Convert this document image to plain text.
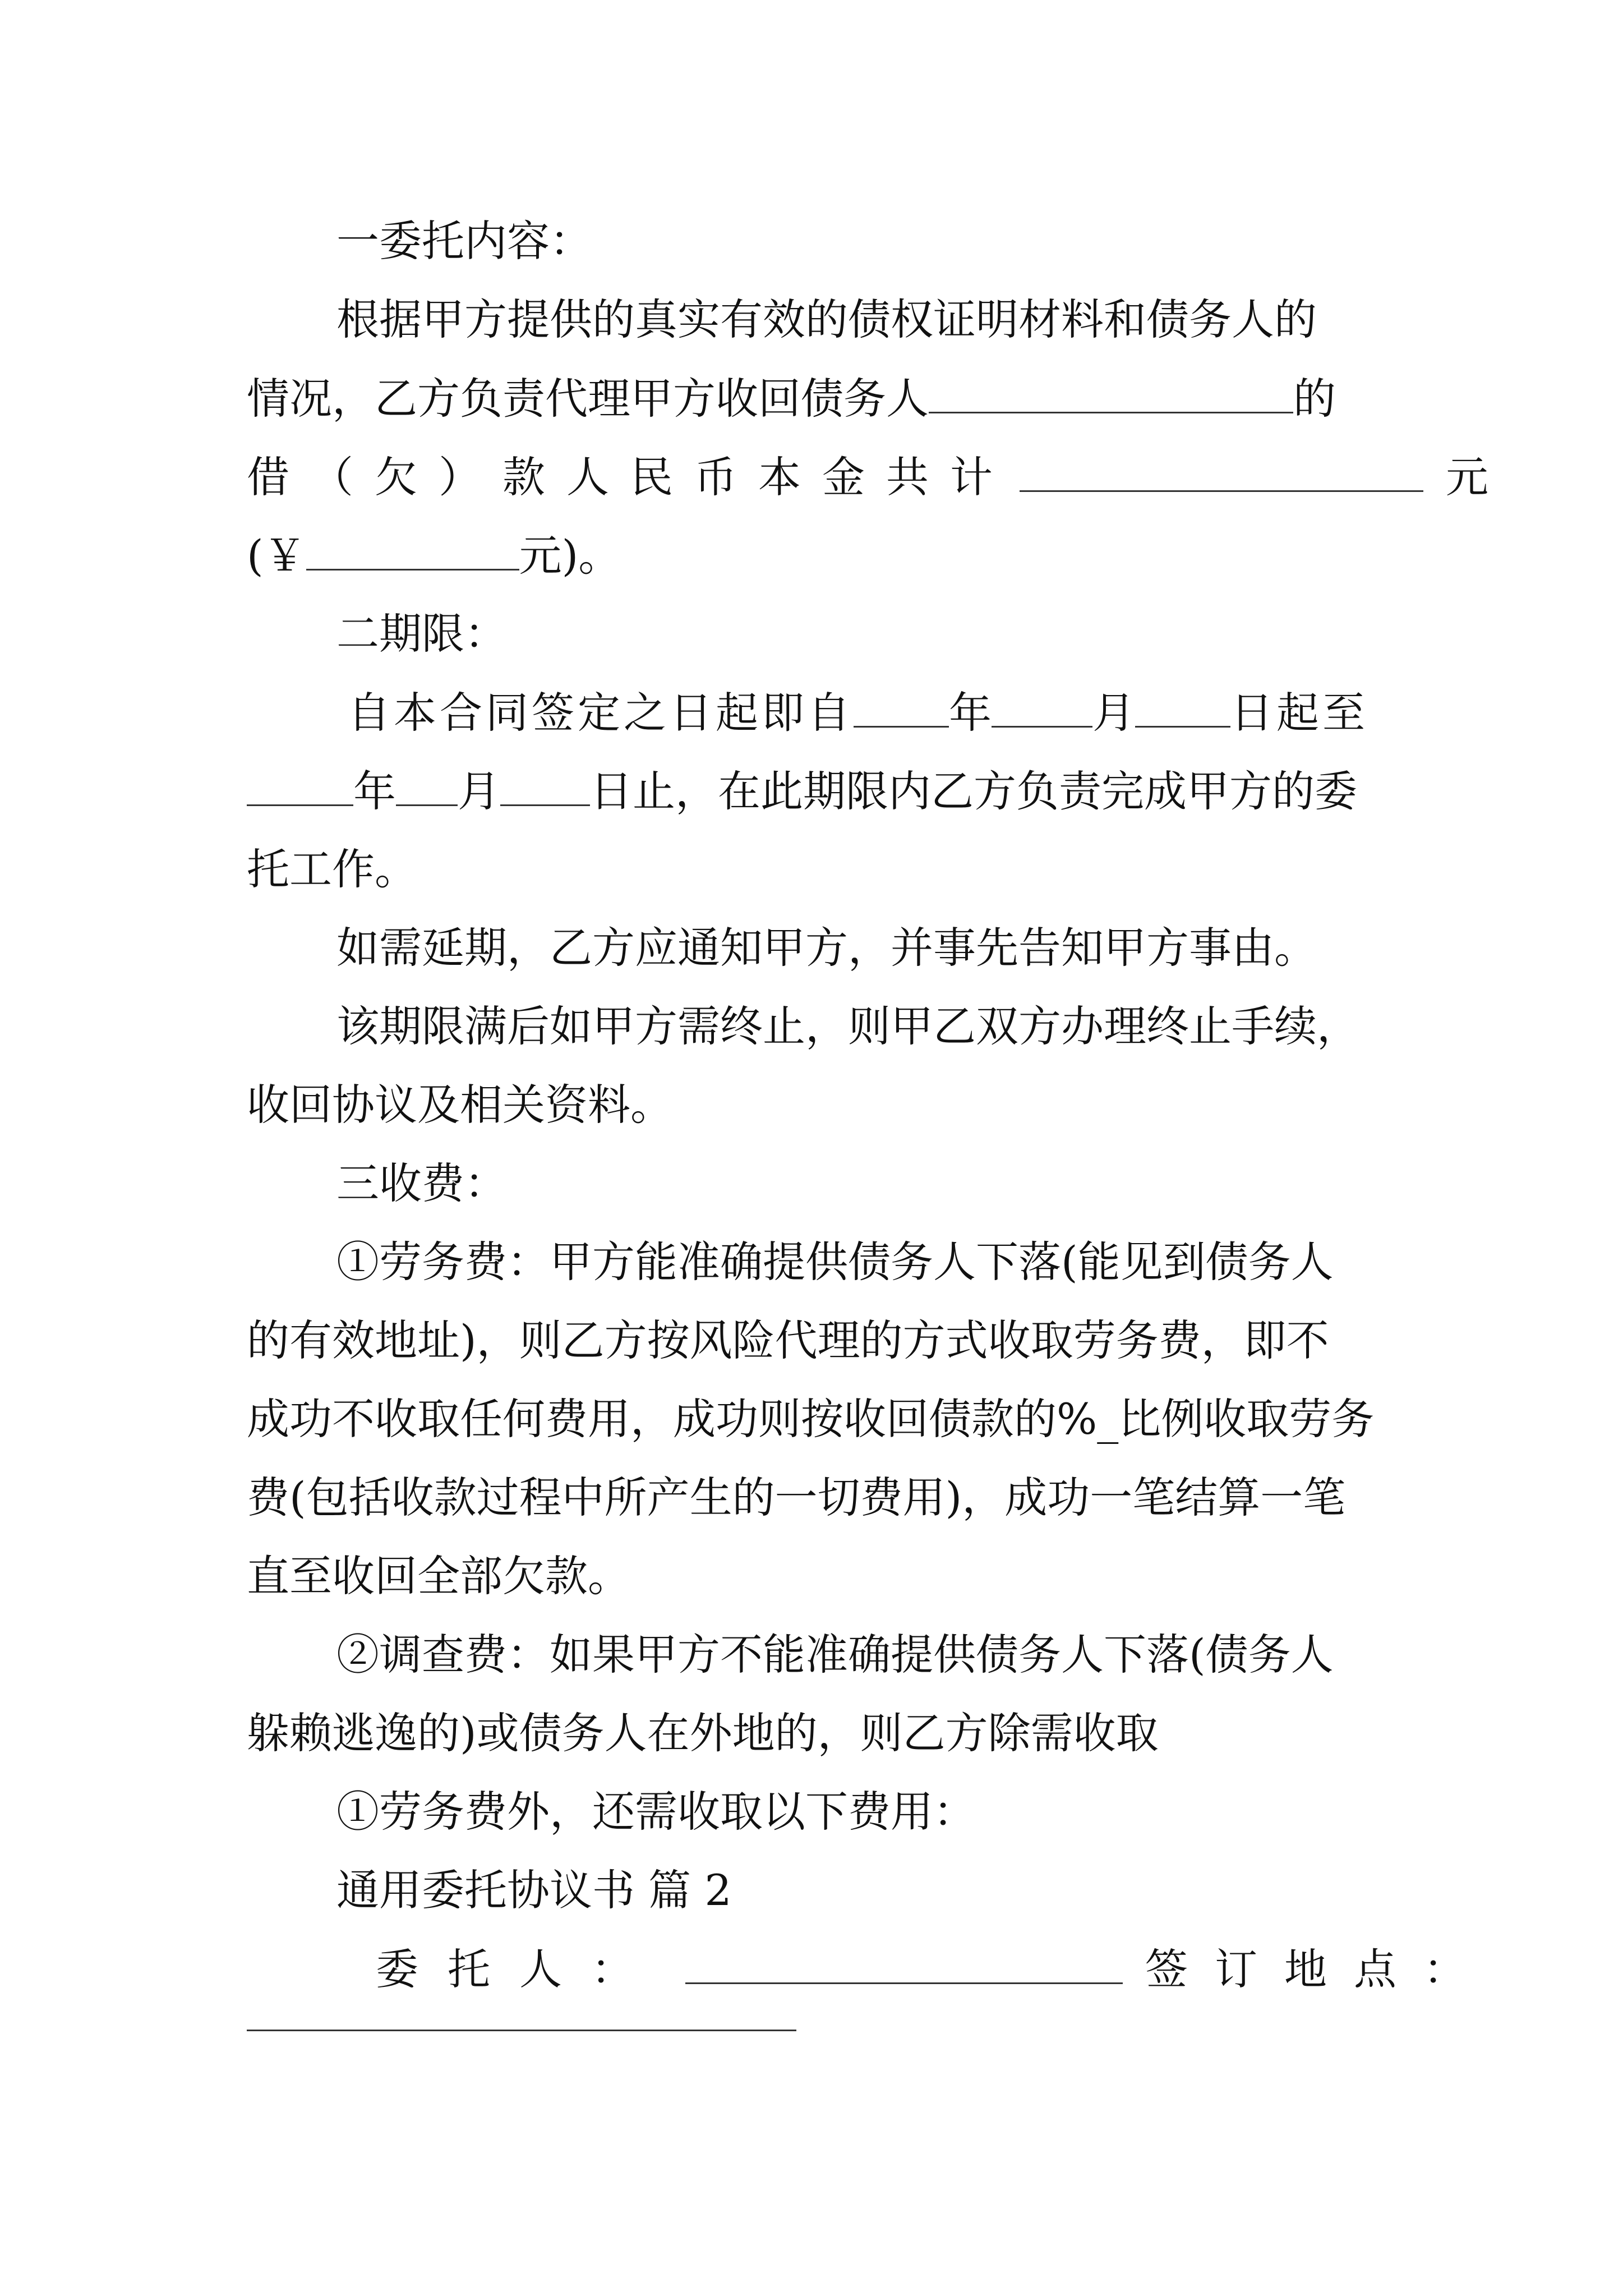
一委托内容：
根据甲方提供的真实有效的债权证明材料和债务人的
情况，乙方负责代理甲方收回债务人	的
借（欠）款人民币本金共计	元
(￥	元)。
二期限：
自本合同签定之日起即自 年 月 日起至
年 月 日止，在此期限内乙方负责完成甲方的委
托工作。
如需延期，乙方应通知甲方，并事先告知甲方事由。
该期限满后如甲方需终止，则甲乙双方办理终止手续，
收回协议及相关资料。
三收费：
①劳务费：甲方能准确提供债务人下落(能见到债务人
的有效地址)，则乙方按风险代理的方式收取劳务费，即不
成功不收取任何费用，成功则按收回债款的%_比例收取劳务
费(包括收款过程中所产生的一切费用)，成功一笔结算一笔
直至收回全部欠款。
②调查费：如果甲方不能准确提供债务人下落(债务人
躲赖逃逸的)或债务人在外地的，则乙方除需收取
①劳务费外，还需收取以下费用：
通用委托协议书 篇 2
委托人：	签订地点：
